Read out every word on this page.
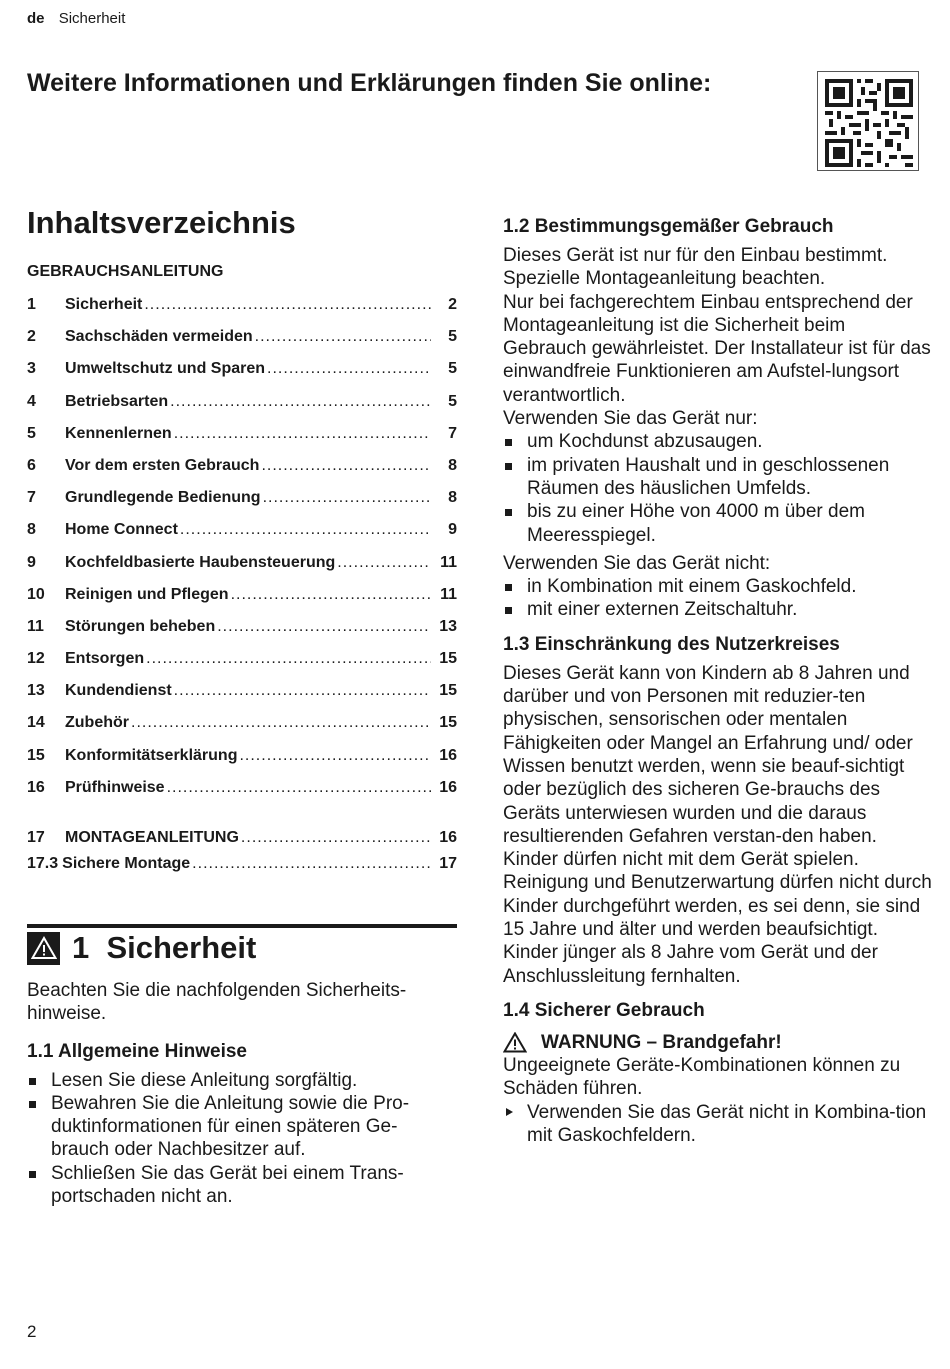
de Sicherheit
Weitere Informationen und Erklärungen finden Sie online:
Inhaltsverzeichnis
GEBRAUCHSANLEITUNG
1	Sicherheit .....	2
2	Sachschäden vermeiden .....	5
3	Umweltschutz und Sparen .....	5
4	Betriebsarten .....	5
5	Kennenlernen .....	7
6	Vor dem ersten Gebrauch .....	8
7	Grundlegende Bedienung .....	8
8	Home Connect .....	9
9	Kochfeldbasierte Haubensteuerung .....	11
10	Reinigen und Pflegen .....	11
11	Störungen beheben .....	13
12	Entsorgen .....	15
13	Kundendienst .....	15
14	Zubehör .....	15
15	Konformitätserklärung .....	16
16	Prüfhinweise .....	16
17	MONTAGEANLEITUNG .....	16
17.3 Sichere Montage .....	17
1  Sicherheit

Beachten Sie die nachfolgenden Sicherheits-hinweise.

1.1 Allgemeine Hinweise
Lesen Sie diese Anleitung sorgfältig.
Bewahren Sie die Anleitung sowie die Pro-duktinformationen für einen späteren Ge-brauch oder Nachbesitzer auf.
Schließen Sie das Gerät bei einem Trans-portschaden nicht an.
1.2 Bestimmungsgemäßer Gebrauch

Dieses Gerät ist nur für den Einbau bestimmt. Spezielle Montageanleitung beachten.

Nur bei fachgerechtem Einbau entsprechend der Montageanleitung ist die Sicherheit beim Gebrauch gewährleistet. Der Installateur ist für das einwandfreie Funktionieren am Aufstel-lungsort verantwortlich.

Verwenden Sie das Gerät nur:

um Kochdunst abzusaugen.
im privaten Haushalt und in geschlossenen Räumen des häuslichen Umfelds.
bis zu einer Höhe von 4000 m über dem Meeresspiegel.

Verwenden Sie das Gerät nicht:

in Kombination mit einem Gaskochfeld.
mit einer externen Zeitschaltuhr.
1.3 Einschränkung des Nutzerkreises

Dieses Gerät kann von Kindern ab 8 Jahren und darüber und von Personen mit reduzier-ten physischen, sensorischen oder mentalen Fähigkeiten oder Mangel an Erfahrung und/ oder Wissen benutzt werden, wenn sie beauf-sichtigt oder bezüglich des sicheren Ge-brauchs des Geräts unterwiesen wurden und die daraus resultierenden Gefahren verstan-den haben.

Kinder dürfen nicht mit dem Gerät spielen.

Reinigung und Benutzerwartung dürfen nicht durch Kinder durchgeführt werden, es sei denn, sie sind 15 Jahre und älter und werden beaufsichtigt.

Kinder jünger als 8 Jahre vom Gerät und der Anschlussleitung fernhalten.

1.4 Sicherer Gebrauch
WARNUNG – Brandgefahr!

Ungeeignete Geräte-Kombinationen können zu Schäden führen.

Verwenden Sie das Gerät nicht in Kombina-tion mit Gaskochfeldern.
2
